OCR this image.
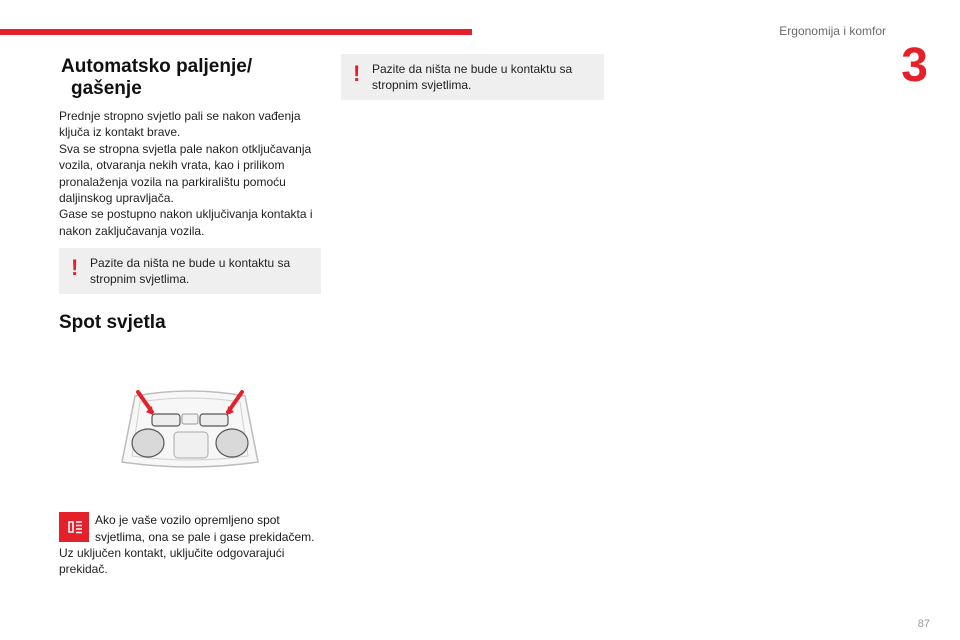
Ergonomija i komfor
3
Automatsko paljenje/
gašenje

Prednje stropno svjetlo pali se nakon vađenja ključa iz kontakt brave.

Sva se stropna svjetla pale nakon otključavanja vozila, otvaranja nekih vrata, kao i prilikom pronalaženja vozila na parkiralištu pomoću daljinskog upravljača.

Gase se postupno nakon uključivanja kontakta i nakon zaključavanja vozila.

! Pazite da ništa ne bude u kontaktu sa stropnim svjetlima.
Spot svjetla
Ako je vaše vozilo opremljeno spot svjetlima, ona se pale i gase prekidačem.

Uz uključen kontakt, uključite odgovarajući prekidač.

! Pazite da ništa ne bude u kontaktu sa stropnim svjetlima.
87
